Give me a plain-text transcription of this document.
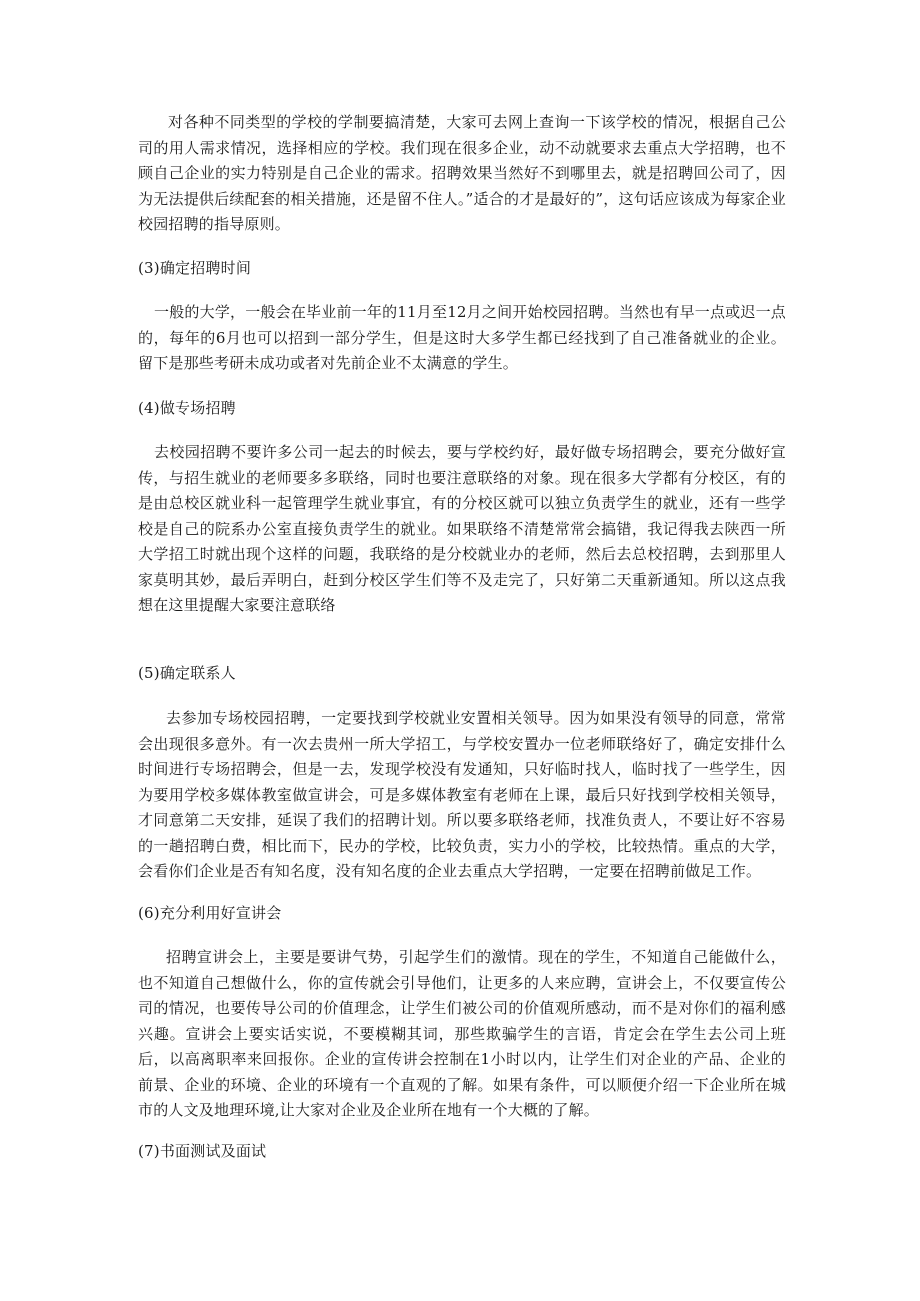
对各种不同类型的学校的学制要搞清楚，大家可去网上查询一下该学校的情况，根据自己公司的用人需求情况，选择相应的学校。我们现在很多企业，动不动就要求去重点大学招聘，也不顾自己企业的实力特别是自己企业的需求。招聘效果当然好不到哪里去，就是招聘回公司了，因为无法提供后续配套的相关措施，还是留不住人。”适合的才是最好的”，这句话应该成为每家企业校园招聘的指导原则。

(3)确定招聘时间

一般的大学，一般会在毕业前一年的11月至12月之间开始校园招聘。当然也有早一点或迟一点的，每年的6月也可以招到一部分学生，但是这时大多学生都已经找到了自己准备就业的企业。留下是那些考研未成功或者对先前企业不太满意的学生。

(4)做专场招聘

去校园招聘不要许多公司一起去的时候去，要与学校约好，最好做专场招聘会，要充分做好宣传，与招生就业的老师要多多联络，同时也要注意联络的对象。现在很多大学都有分校区，有的是由总校区就业科一起管理学生就业事宜，有的分校区就可以独立负责学生的就业，还有一些学校是自己的院系办公室直接负责学生的就业。如果联络不清楚常常会搞错，我记得我去陕西一所大学招工时就出现个这样的问题，我联络的是分校就业办的老师，然后去总校招聘，去到那里人家莫明其妙，最后弄明白，赶到分校区学生们等不及走完了，只好第二天重新通知。所以这点我想在这里提醒大家要注意联络

(5)确定联系人

去参加专场校园招聘，一定要找到学校就业安置相关领导。因为如果没有领导的同意，常常会出现很多意外。有一次去贵州一所大学招工，与学校安置办一位老师联络好了，确定安排什么时间进行专场招聘会，但是一去，发现学校没有发通知，只好临时找人，临时找了一些学生，因为要用学校多媒体教室做宣讲会，可是多媒体教室有老师在上课，最后只好找到学校相关领导，才同意第二天安排，延误了我们的招聘计划。所以要多联络老师，找准负责人，不要让好不容易的一趟招聘白费，相比而下，民办的学校，比较负责，实力小的学校，比较热情。重点的大学，会看你们企业是否有知名度，没有知名度的企业去重点大学招聘，一定要在招聘前做足工作。

(6)充分利用好宣讲会

招聘宣讲会上，主要是要讲气势，引起学生们的激情。现在的学生，不知道自己能做什么，也不知道自己想做什么，你的宣传就会引导他们，让更多的人来应聘，宣讲会上，不仅要宣传公司的情况，也要传导公司的价值理念，让学生们被公司的价值观所感动，而不是对你们的福利感兴趣。宣讲会上要实话实说，不要模糊其词，那些欺骗学生的言语，肯定会在学生去公司上班后，以高离职率来回报你。企业的宣传讲会控制在1小时以内，让学生们对企业的产品、企业的前景、企业的环境、企业的环境有一个直观的了解。如果有条件，可以顺便介绍一下企业所在城市的人文及地理环境,让大家对企业及企业所在地有一个大概的了解。

(7)书面测试及面试
